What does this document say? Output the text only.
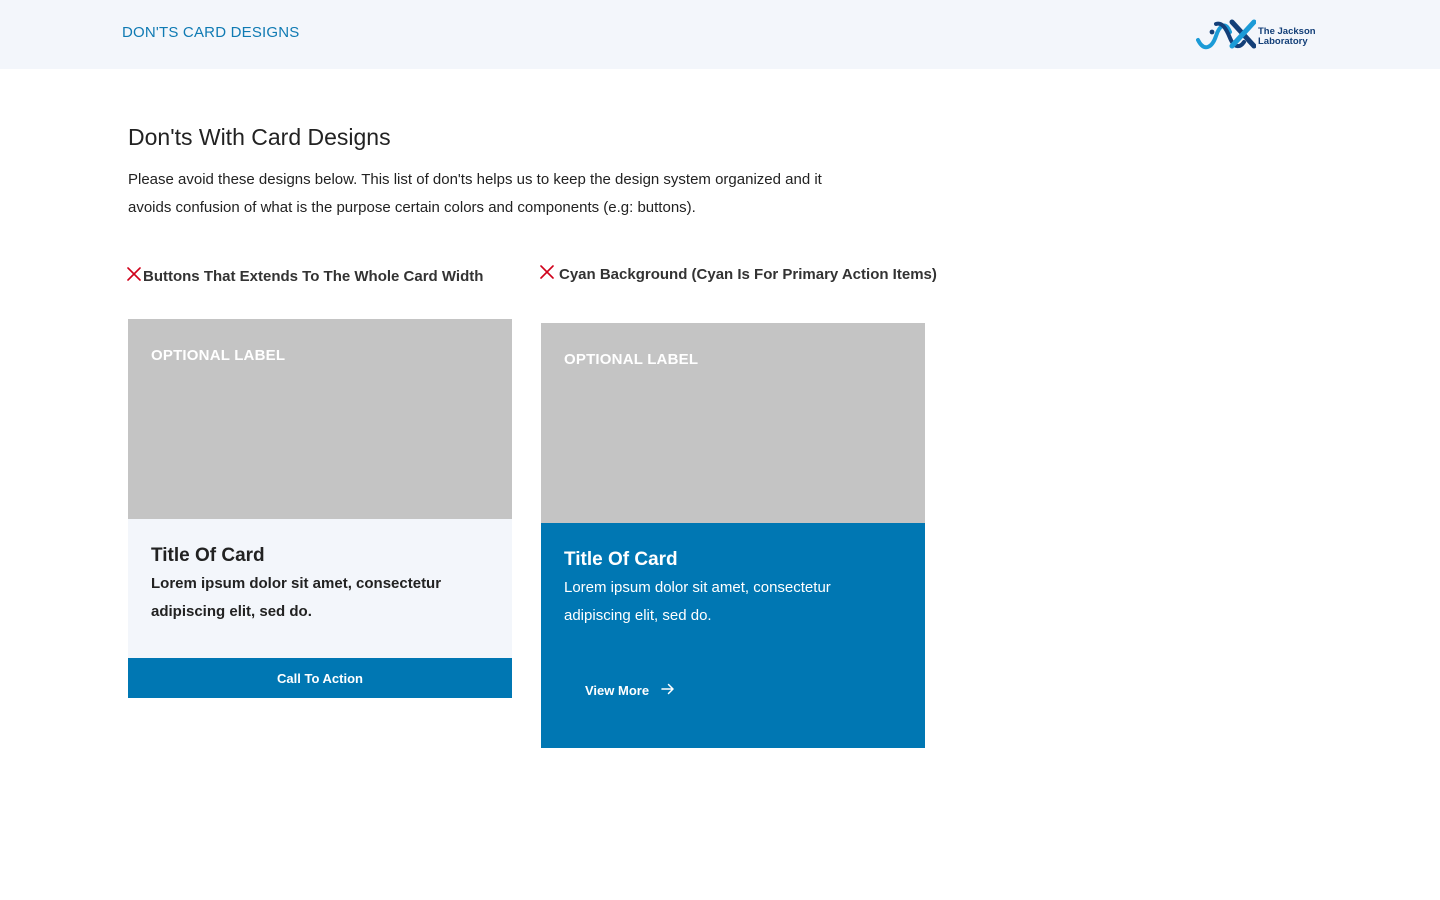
DON'TS CARD DESIGNS	The Jackson
Laboratory
Don'ts With Card Designs

Please avoid these designs below. This list of don'ts helps us to keep the design system organized and it avoids confusion of what is the purpose certain colors and components (e.g: buttons).

Buttons That Extends To The Whole Card Width
OPTIONAL LABEL
Title Of Card

Lorem ipsum dolor sit amet, consectetur adipiscing elit, sed do.

Call To Action
Cyan Background (Cyan Is For Primary Action Items)
OPTIONAL LABEL
Title Of Card

Lorem ipsum dolor sit amet, consectetur adipiscing elit, sed do.

View More
